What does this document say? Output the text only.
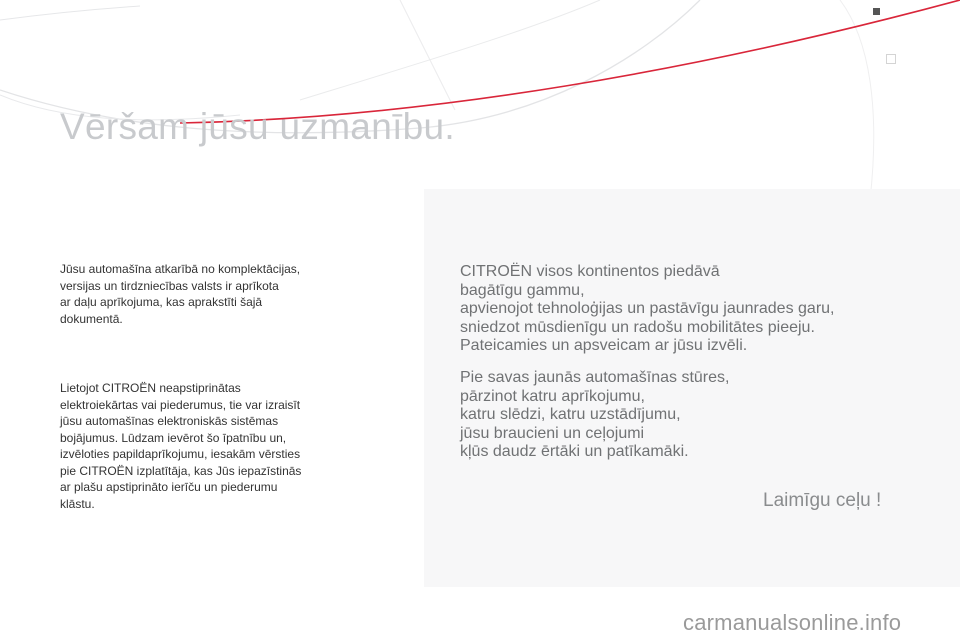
Vēršam jūsu uzmanību.

Jūsu automašīna atkarībā no komplektācijas,
versijas un tirdzniecības valsts ir aprīkota
ar daļu aprīkojuma, kas aprakstīti šajā
dokumentā.

Lietojot CITROËN neapstiprinātas
elektroiekārtas vai piederumus, tie var izraisīt
jūsu automašīnas elektroniskās sistēmas
bojājumus. Lūdzam ievērot šo īpatnību un,
izvēloties papildaprīkojumu, iesakām vērsties
pie CITROËN izplatītāja, kas Jūs iepazīstinās
ar plašu apstiprināto ierīču un piederumu
klāstu.

CITROËN visos kontinentos piedāvā
bagātīgu gammu,
apvienojot tehnoloģijas un pastāvīgu jaunrades garu,
sniedzot mūsdienīgu un radošu mobilitātes pieeju.
Pateicamies un apsveicam ar jūsu izvēli.

Pie savas jaunās automašīnas stūres,
pārzinot katru aprīkojumu,
katru slēdzi, katru uzstādījumu,
jūsu braucieni un ceļojumi
kļūs daudz ērtāki un patīkamāki.

Laimīgu ceļu !

carmanualsonline.info
